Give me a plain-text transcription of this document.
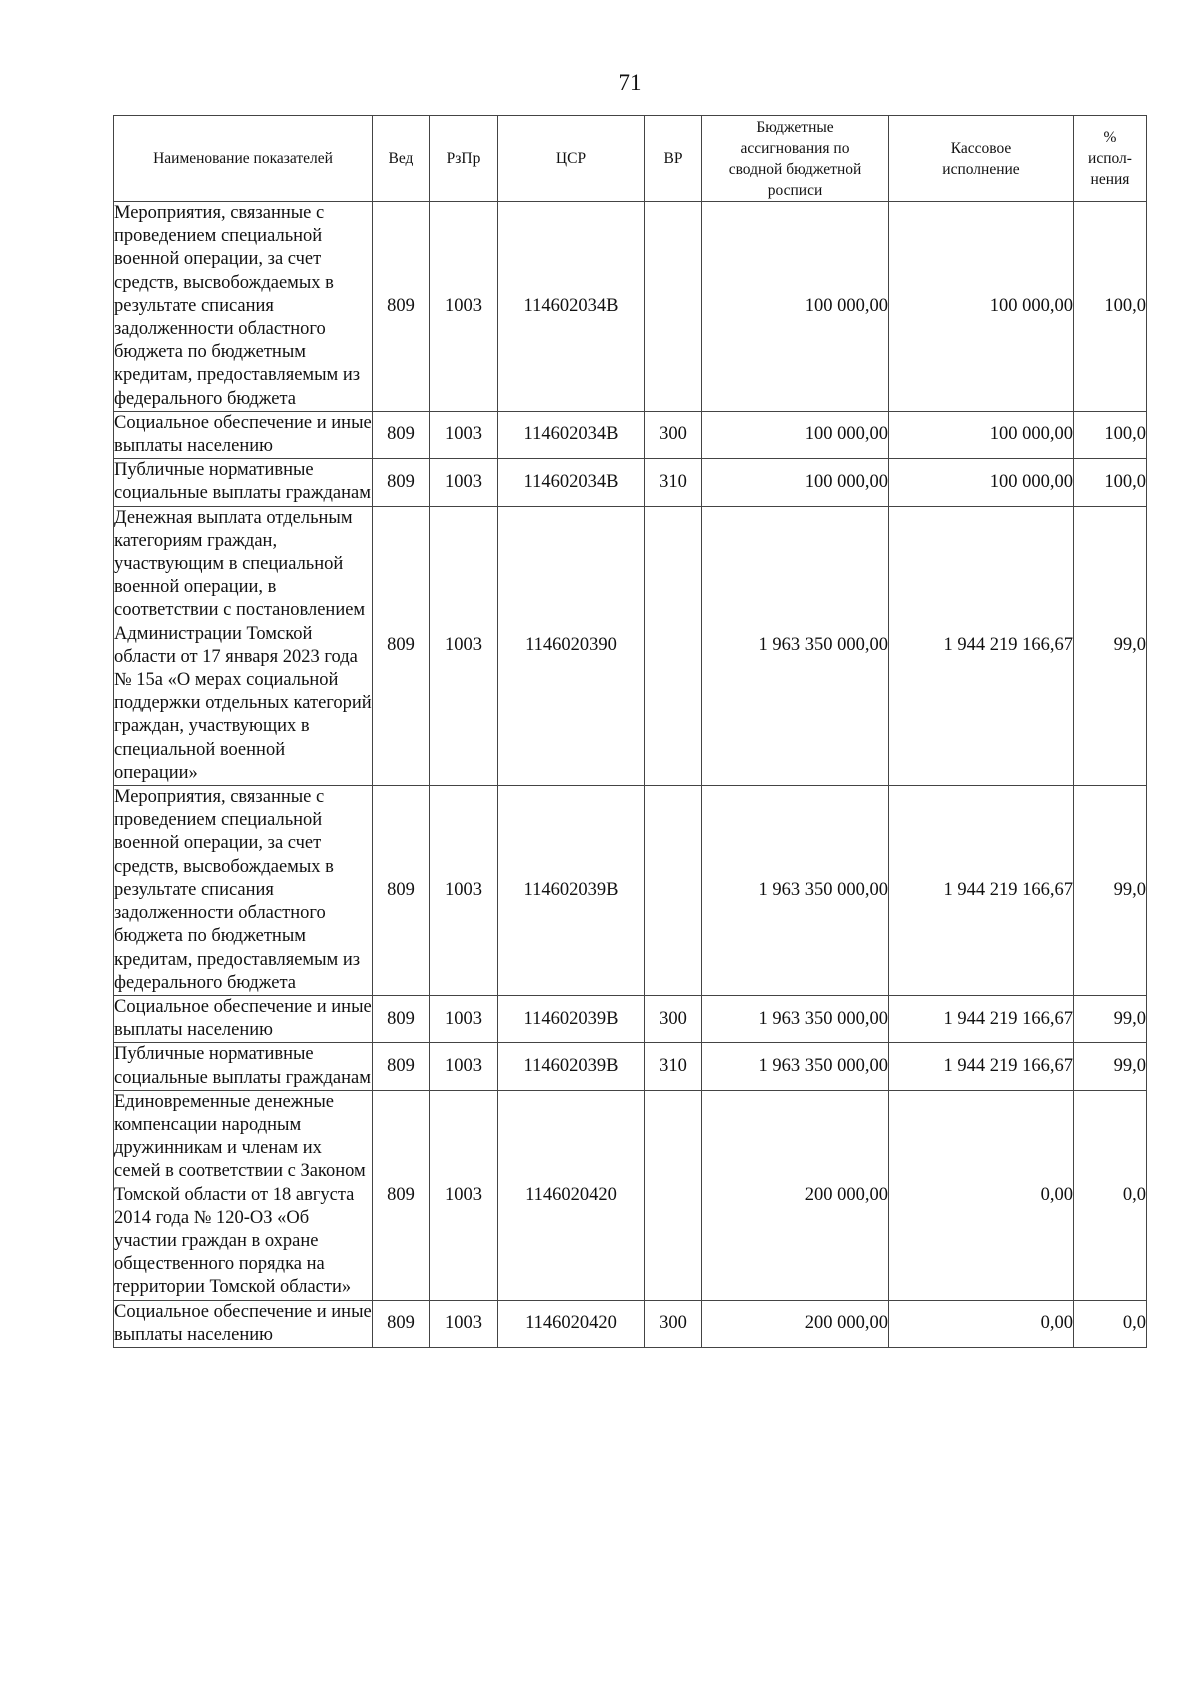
71
Наименование показателей	Вед	РзПр	ЦСР	ВР	Бюджетные ассигнования по сводной бюджетной росписи	Кассовое исполнение	% испол-нения
Мероприятия, связанные с проведением специальной военной операции, за счет средств, высвобождаемых в результате списания задолженности областного бюджета по бюджетным кредитам, предоставляемым из федерального бюджета	809	1003	114602034В		100 000,00	100 000,00	100,0
Социальное обеспечение и иные выплаты населению	809	1003	114602034В	300	100 000,00	100 000,00	100,0
Публичные нормативные социальные выплаты гражданам	809	1003	114602034В	310	100 000,00	100 000,00	100,0
Денежная выплата отдельным категориям граждан, участвующим в специальной военной операции, в соответствии с постановлением Администрации Томской области от 17 января 2023 года № 15а «О мерах социальной поддержки отдельных категорий граждан, участвующих в специальной военной операции»	809	1003	1146020390		1 963 350 000,00	1 944 219 166,67	99,0
Мероприятия, связанные с проведением специальной военной операции, за счет средств, высвобождаемых в результате списания задолженности областного бюджета по бюджетным кредитам, предоставляемым из федерального бюджета	809	1003	114602039В		1 963 350 000,00	1 944 219 166,67	99,0
Социальное обеспечение и иные выплаты населению	809	1003	114602039В	300	1 963 350 000,00	1 944 219 166,67	99,0
Публичные нормативные социальные выплаты гражданам	809	1003	114602039В	310	1 963 350 000,00	1 944 219 166,67	99,0
Единовременные денежные компенсации народным дружинникам и членам их семей в соответствии с Законом Томской области от 18 августа 2014 года № 120-ОЗ «Об участии граждан в охране общественного порядка на территории Томской области»	809	1003	1146020420		200 000,00	0,00	0,0
Социальное обеспечение и иные выплаты населению	809	1003	1146020420	300	200 000,00	0,00	0,0
